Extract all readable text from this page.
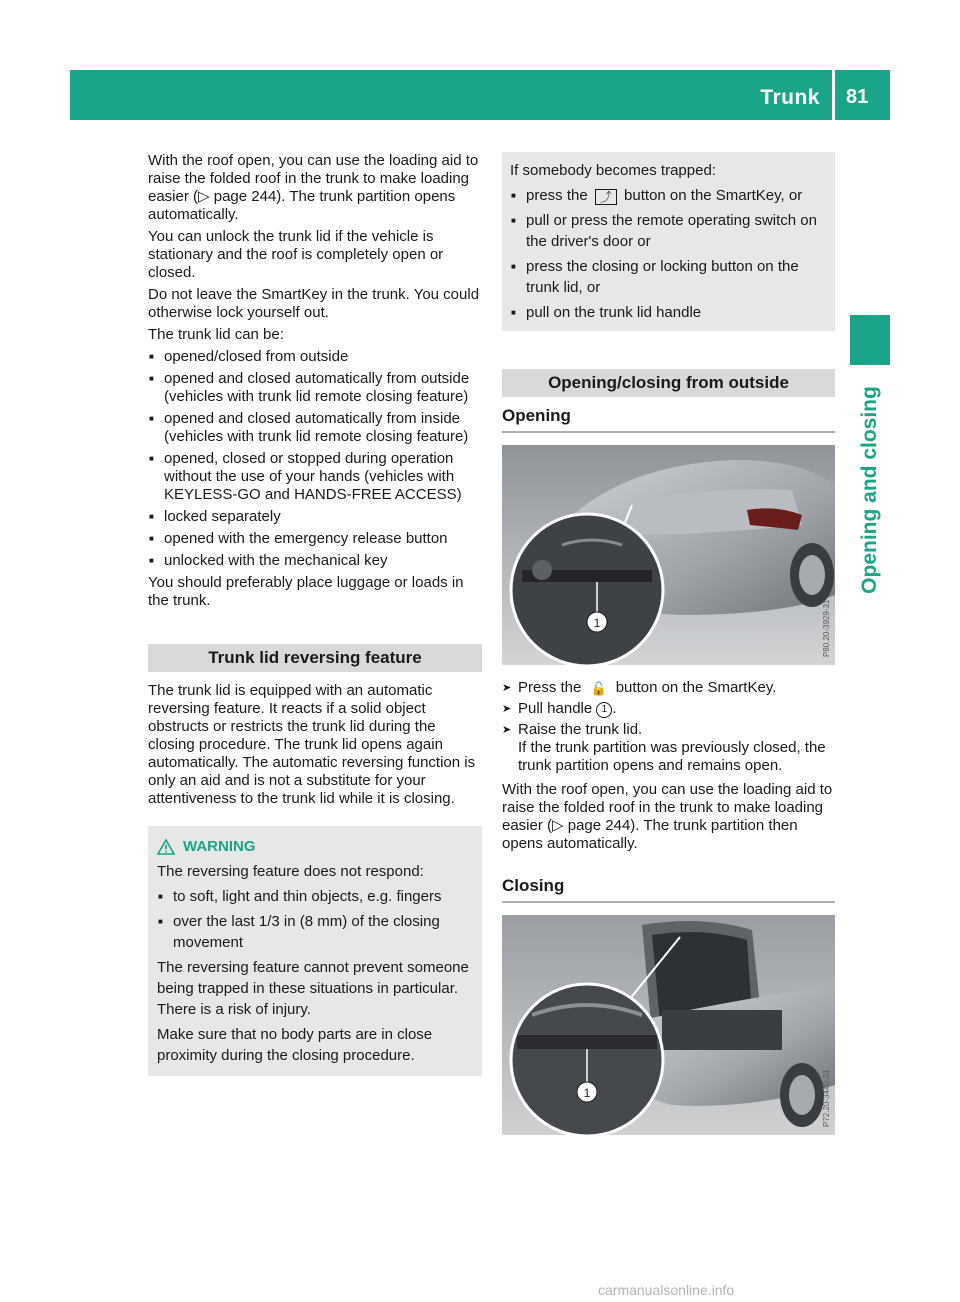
Trunk 81
Opening and closing

With the roof open, you can use the loading aid to raise the folded roof in the trunk to make loading easier (▷ page 244). The trunk partition opens automatically.

You can unlock the trunk lid if the vehicle is stationary and the roof is completely open or closed.

Do not leave the SmartKey in the trunk. You could otherwise lock yourself out.

The trunk lid can be:

■ opened/closed from outside
■ opened and closed automatically from outside (vehicles with trunk lid remote closing feature)
■ opened and closed automatically from inside (vehicles with trunk lid remote closing feature)
■ opened, closed or stopped during operation without the use of your hands (vehicles with KEYLESS-GO and HANDS-FREE ACCESS)
■ locked separately
■ opened with the emergency release button
■ unlocked with the mechanical key

You should preferably place luggage or loads in the trunk.

Trunk lid reversing feature

The trunk lid is equipped with an automatic reversing feature. It reacts if a solid object obstructs or restricts the trunk lid during the closing procedure. The trunk lid opens again automatically. The automatic reversing function is only an aid and is not a substitute for your attentiveness to the trunk lid while it is closing.

WARNING

The reversing feature does not respond:

■ to soft, light and thin objects, e.g. fingers
■ over the last 1/3 in (8 mm) of the closing movement

The reversing feature cannot prevent someone being trapped in these situations in particular. There is a risk of injury.

Make sure that no body parts are in close proximity during the closing procedure.

If somebody becomes trapped:

■ press the ⤴ button on the SmartKey, or
■ pull or press the remote operating switch on the driver's door or
■ press the closing or locking button on the trunk lid, or
■ pull on the trunk lid handle
Opening/closing from outside
Opening
1	P80.20-3929-31
➤ Press the 🔓 button on the SmartKey.
➤ Pull handle 1 .
➤ Raise the trunk lid.

If the trunk partition was previously closed, the trunk partition opens and remains open.

With the roof open, you can use the loading aid to raise the folded roof in the trunk to make loading easier (▷ page 244). The trunk partition then opens automatically.

Closing
1	P72.20-3440-31
carmanualsonline.info
